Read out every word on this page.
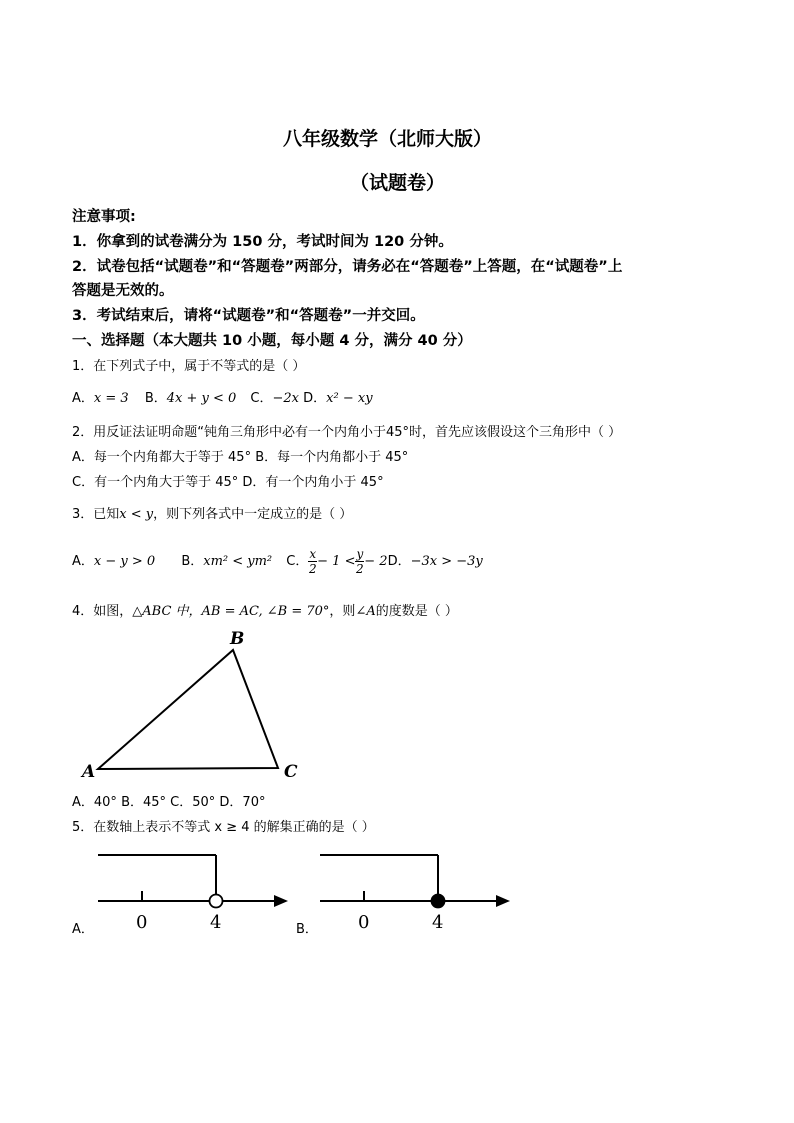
八年级数学（北师大版）
（试题卷）
注意事项:
1．你拿到的试卷满分为 150 分，考试时间为 120 分钟。
2．试卷包括“试题卷”和“答题卷”两部分，请务必在“答题卷”上答题，在“试题卷”上
答题是无效的。
3．考试结束后，请将“试题卷”和“答题卷”一并交回。
一、选择题（本大题共 10 小题，每小题 4 分，满分 40 分）
1．在下列式子中，属于不等式的是（ ）
A．x = 3 B．4x + y < 0 C．−2x D．x² − xy
2．用反证法证明命题“钝角三角形中必有一个内角小于45°时，首先应该假设这个三角形中（ ）
A．每一个内角都大于等于 45° B．每一个内角都小于 45°
C．有一个内角大于等于 45° D．有一个内角小于 45°
3．已知x < y，则下列各式中一定成立的是（ ）
A．x − y > 0 B．xm² < ym² C． $\frac{x}{2} - 1 < \frac{y}{2} - 2D$．−3x > −3y
4．如图，△ABC 中，AB = AC, ∠B = 70°，则∠A的度数是（ ）
A
B
C
A．40° B．45° C．50° D．70°
5．在数轴上表示不等式 x ≥ 4 的解集正确的是（ ）
0	4
A．	0	4
B．
